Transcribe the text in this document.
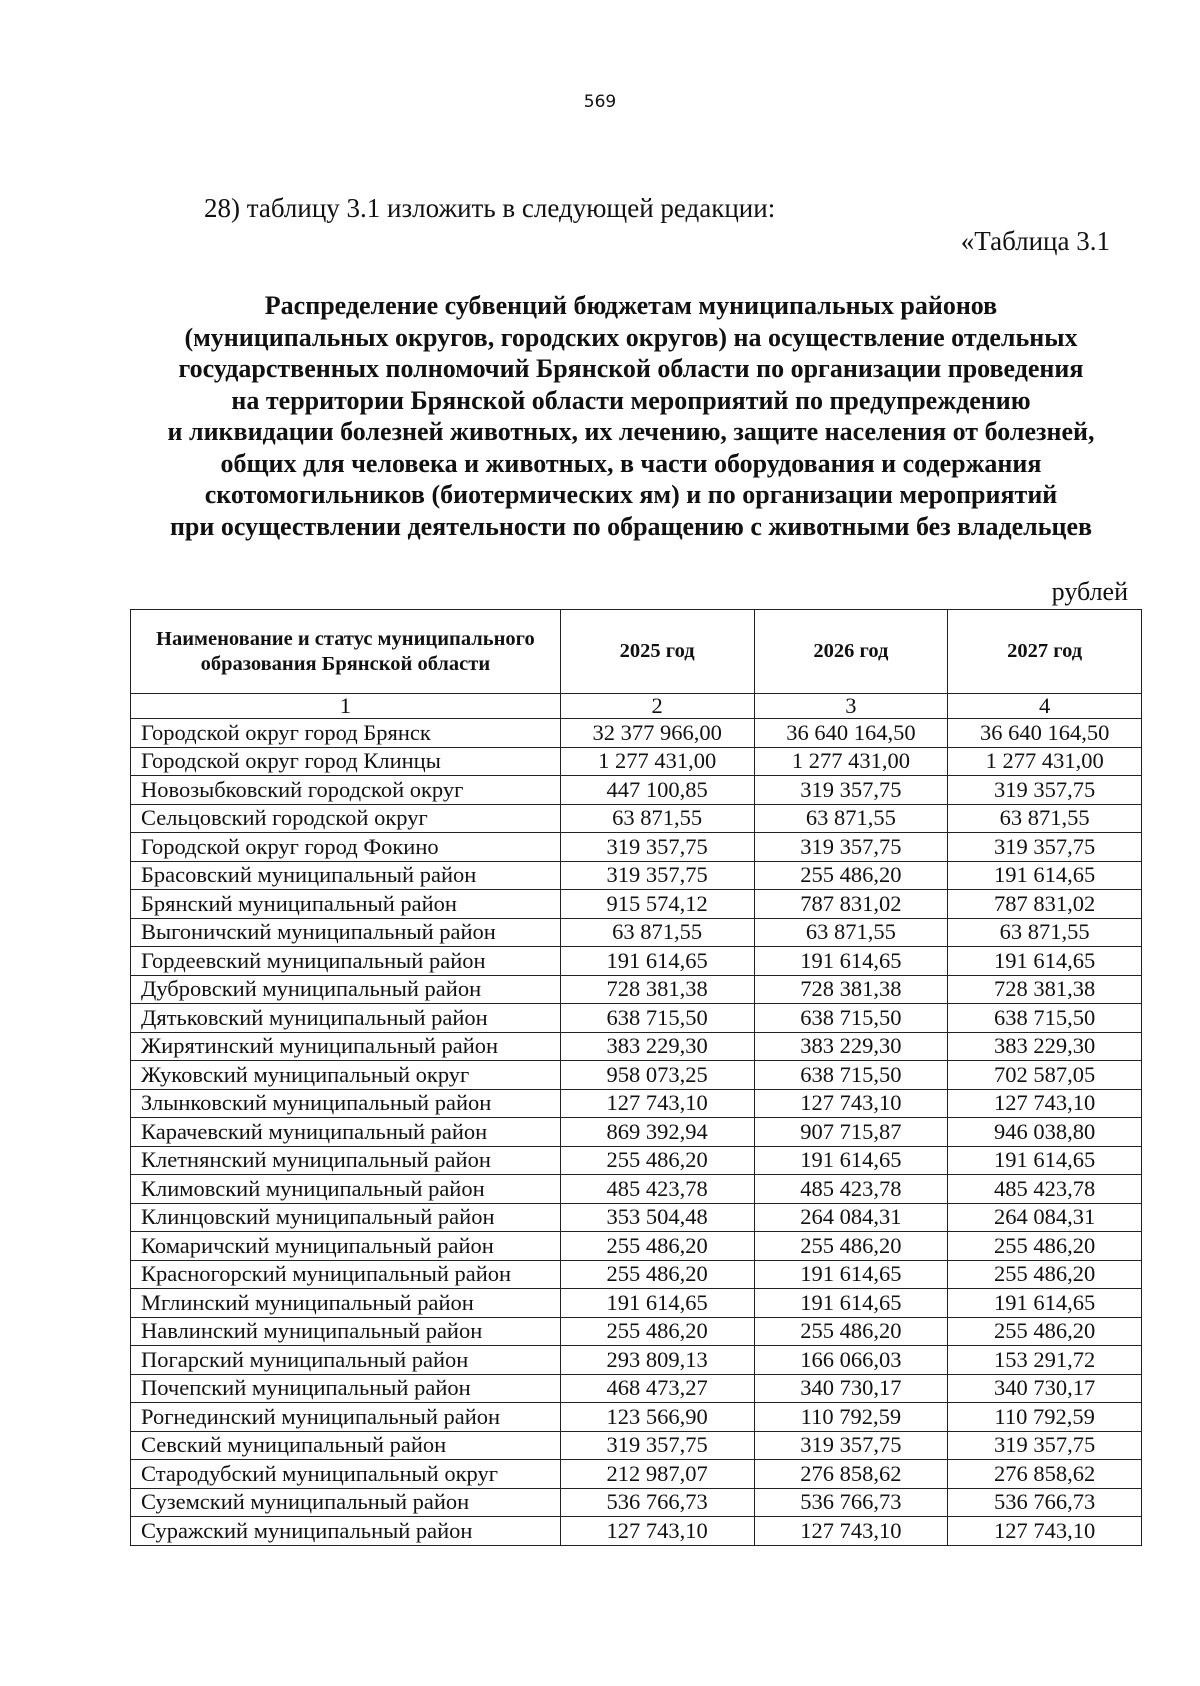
569
28) таблицу 3.1 изложить в следующей редакции:
«Таблица 3.1
Распределение субвенций бюджетам муниципальных районов
(муниципальных округов, городских округов) на осуществление отдельных
государственных полномочий Брянской области по организации проведения
на территории Брянской области мероприятий по предупреждению
и ликвидации болезней животных, их лечению, защите населения от болезней,
общих для человека и животных, в части оборудования и содержания
скотомогильников (биотермических ям) и по организации мероприятий
при осуществлении деятельности по обращению с животными без владельцев
рублей
Наименование и статус муниципального образования Брянской области	2025 год	2026 год	2027 год
1	2	3	4
Городской округ город Брянск	32 377 966,00	36 640 164,50	36 640 164,50
Городской округ город Клинцы	1 277 431,00	1 277 431,00	1 277 431,00
Новозыбковский городской округ	447 100,85	319 357,75	319 357,75
Сельцовский городской округ	63 871,55	63 871,55	63 871,55
Городской округ город Фокино	319 357,75	319 357,75	319 357,75
Брасовский муниципальный район	319 357,75	255 486,20	191 614,65
Брянский муниципальный район	915 574,12	787 831,02	787 831,02
Выгоничский муниципальный район	63 871,55	63 871,55	63 871,55
Гордеевский муниципальный район	191 614,65	191 614,65	191 614,65
Дубровский муниципальный район	728 381,38	728 381,38	728 381,38
Дятьковский муниципальный район	638 715,50	638 715,50	638 715,50
Жирятинский муниципальный район	383 229,30	383 229,30	383 229,30
Жуковский муниципальный округ	958 073,25	638 715,50	702 587,05
Злынковский муниципальный район	127 743,10	127 743,10	127 743,10
Карачевский муниципальный район	869 392,94	907 715,87	946 038,80
Клетнянский муниципальный район	255 486,20	191 614,65	191 614,65
Климовский муниципальный район	485 423,78	485 423,78	485 423,78
Клинцовский муниципальный район	353 504,48	264 084,31	264 084,31
Комаричский муниципальный район	255 486,20	255 486,20	255 486,20
Красногорский муниципальный район	255 486,20	191 614,65	255 486,20
Мглинский муниципальный район	191 614,65	191 614,65	191 614,65
Навлинский муниципальный район	255 486,20	255 486,20	255 486,20
Погарский муниципальный район	293 809,13	166 066,03	153 291,72
Почепский муниципальный район	468 473,27	340 730,17	340 730,17
Рогнединский муниципальный район	123 566,90	110 792,59	110 792,59
Севский муниципальный район	319 357,75	319 357,75	319 357,75
Стародубский муниципальный округ	212 987,07	276 858,62	276 858,62
Суземский муниципальный район	536 766,73	536 766,73	536 766,73
Суражский муниципальный район	127 743,10	127 743,10	127 743,10
